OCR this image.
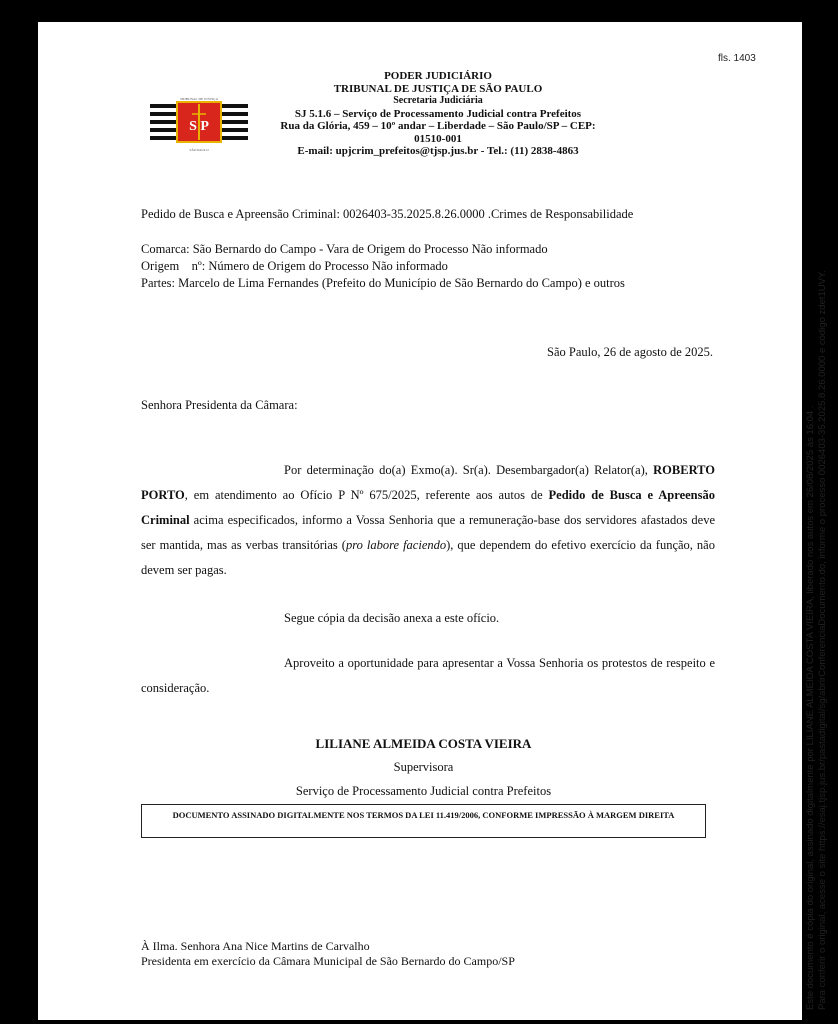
fls. 1403
TRIBUNAL DE JUSTIÇA
S P
SÃO PAULO
PODER JUDICIÁRIO
TRIBUNAL DE JUSTIÇA DE SÃO PAULO
Secretaria Judiciária
SJ 5.1.6 – Serviço de Processamento Judicial contra Prefeitos
Rua da Glória, 459 – 10º andar – Liberdade – São Paulo/SP – CEP:
01510-001
E-mail: upjcrim_prefeitos@tjsp.jus.br - Tel.: (11) 2838-4863
Pedido de Busca e Apreensão Criminal: 0026403-35.2025.8.26.0000 .Crimes de Responsabilidade
Comarca: São Bernardo do Campo - Vara de Origem do Processo Não informado
Origem    nº: Número de Origem do Processo Não informado
Partes: Marcelo de Lima Fernandes (Prefeito do Município de São Bernardo do Campo) e outros
São Paulo, 26 de agosto de 2025.
Senhora Presidenta da Câmara:
Por determinação do(a) Exmo(a). Sr(a). Desembargador(a) Relator(a), ROBERTO PORTO, em atendimento ao Ofício P Nº 675/2025, referente aos autos de Pedido de Busca e Apreensão Criminal acima especificados, informo a Vossa Senhoria que a remuneração-base dos servidores afastados deve ser mantida, mas as verbas transitórias (pro labore faciendo), que dependem do efetivo exercício da função, não devem ser pagas.
Segue cópia da decisão anexa a este ofício.
Aproveito a oportunidade para apresentar a Vossa Senhoria os protestos de respeito e consideração.
LILIANE ALMEIDA COSTA VIEIRA
Supervisora
Serviço de Processamento Judicial contra Prefeitos
DOCUMENTO ASSINADO DIGITALMENTE NOS TERMOS DA LEI 11.419/2006, CONFORME IMPRESSÃO À MARGEM DIREITA
À Ilma. Senhora Ana Nice Martins de Carvalho
Presidenta em exercício da Câmara Municipal de São Bernardo do Campo/SP	Este documento é cópia do original, assinado digitalmente por LILIANE ALMEIDA COSTA VIEIRA, liberado nos autos em 26/08/2025 às 16:04 . Para conferir o original, acesse o site https://esaj.tjsp.jus.br/pastadigital/sg/abrirConferenciaDocumento.do, informe o processo 0026403-35.2025.8.26.0000 e código zdet1UVY.
